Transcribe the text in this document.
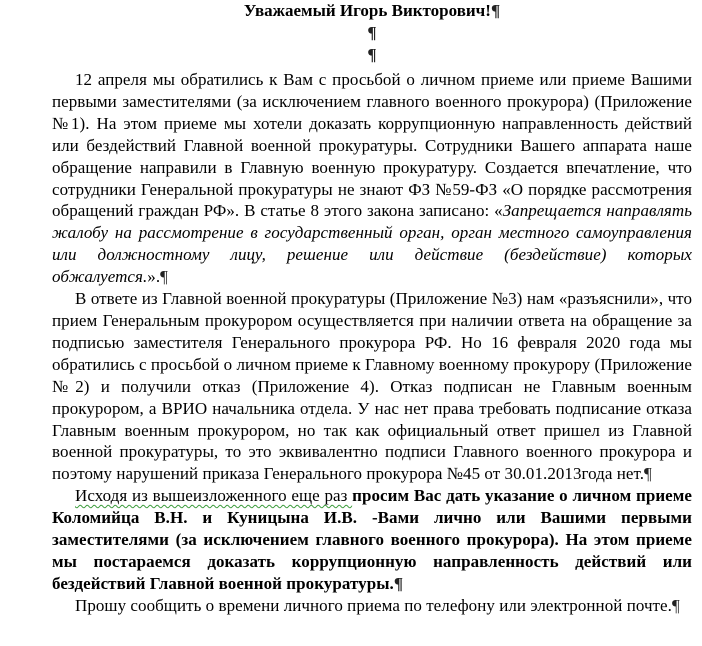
Уважаемый Игорь Викторович!¶

¶

¶

12 апреля мы обратились к Вам с просьбой о личном приеме или приеме Вашими первыми заместителями (за исключением главного военного прокурора) (Приложение №1). На этом приеме мы хотели доказать коррупционную направленность действий или бездействий Главной военной прокуратуры. Сотрудники Вашего аппарата наше обращение направили в Главную военную прокуратуру. Создается впечатление, что сотрудники Генеральной прокуратуры не знают ФЗ №59-ФЗ «О порядке рассмотрения обращений граждан РФ». В статье 8 этого закона записано: «Запрещается направлять жалобу на рассмотрение в государственный орган, орган местного самоуправления или должностному лицу, решение или действие (бездействие) которых обжалуется.».¶

В ответе из Главной военной прокуратуры (Приложение №3) нам «разъяснили», что прием Генеральным прокурором осуществляется при наличии ответа на обращение за подписью заместителя Генерального прокурора РФ. Но 16 февраля 2020 года мы обратились с просьбой о личном приеме к Главному военному прокурору (Приложение №2) и получили отказ (Приложение 4). Отказ подписан не Главным военным прокурором, а ВРИО начальника отдела. У нас нет права требовать подписание отказа Главным военным прокурором, но так как официальный ответ пришел из Главной военной прокуратуры, то это эквивалентно подписи Главного военного прокурора и поэтому нарушений приказа Генерального прокурора №45 от 30.01.2013года нет.¶

Исходя из вышеизложенного еще раз просим Вас дать указание о личном приеме Коломийца В.Н. и Куницына И.В. -Вами лично или Вашими первыми заместителями (за исключением главного военного прокурора). На этом приеме мы постараемся доказать коррупционную направленность действий или бездействий Главной военной прокуратуры.¶

Прошу сообщить о времени личного приема по телефону или электронной почте.¶
